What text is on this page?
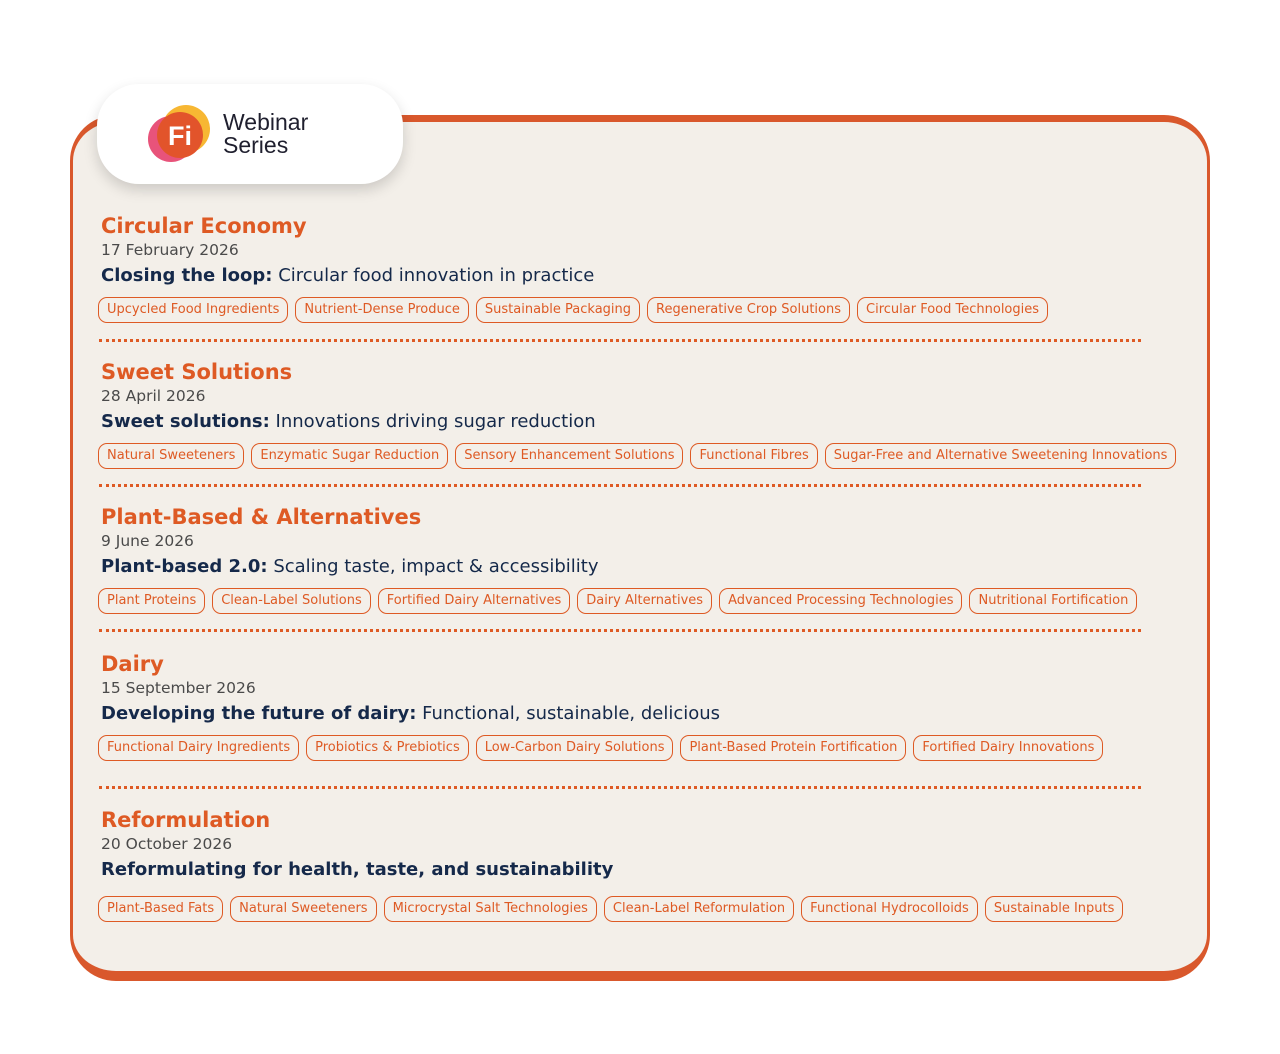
Fi Webinar
Series
Circular Economy
17 February 2026
Closing the loop: Circular food innovation in practice
Upcycled Food Ingredients Nutrient-Dense Produce Sustainable Packaging Regenerative Crop Solutions Circular Food Technologies
Sweet Solutions
28 April 2026
Sweet solutions: Innovations driving sugar reduction
Natural Sweeteners Enzymatic Sugar Reduction Sensory Enhancement Solutions Functional Fibres Sugar-Free and Alternative Sweetening Innovations
Plant-Based & Alternatives
9 June 2026
Plant-based 2.0: Scaling taste, impact & accessibility
Plant Proteins Clean-Label Solutions Fortified Dairy Alternatives Dairy Alternatives Advanced Processing Technologies Nutritional Fortification
Dairy
15 September 2026
Developing the future of dairy: Functional, sustainable, delicious
Functional Dairy Ingredients Probiotics & Prebiotics Low-Carbon Dairy Solutions Plant-Based Protein Fortification Fortified Dairy Innovations
Reformulation
20 October 2026
Reformulating for health, taste, and sustainability
Plant-Based Fats Natural Sweeteners Microcrystal Salt Technologies Clean-Label Reformulation Functional Hydrocolloids Sustainable Inputs
